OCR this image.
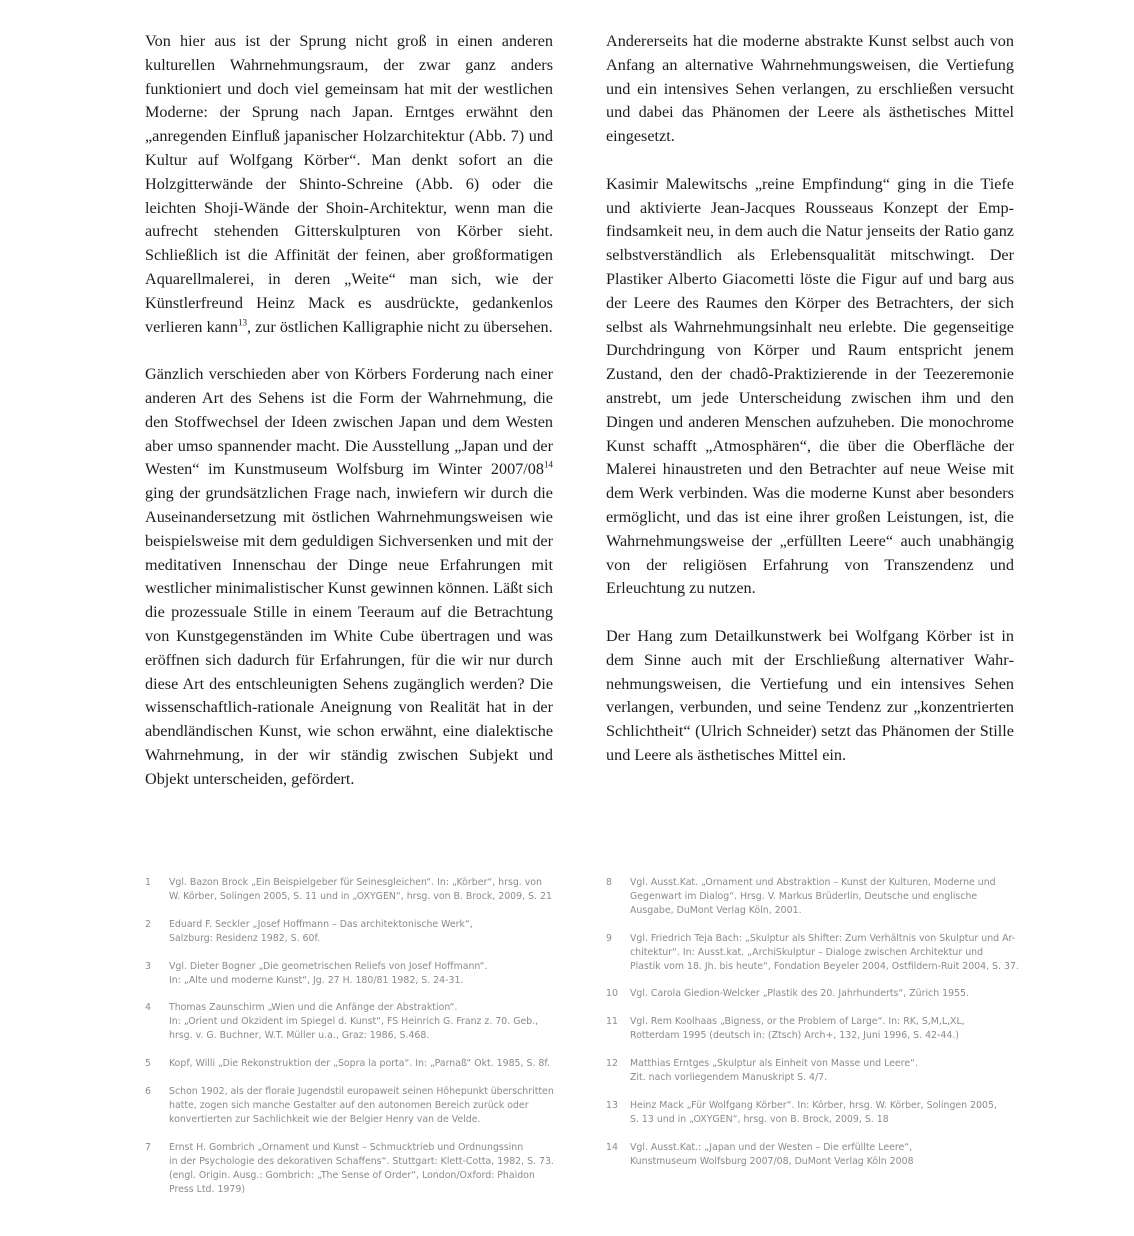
Von hier aus ist der Sprung nicht groß in einen anderen kulturellen Wahrnehmungsraum, der zwar ganz anders funktioniert und doch viel gemeinsam hat mit der westlichen Moderne: der Sprung nach Japan. Erntges erwähnt den „anregenden Einfluß japanischer Holzarchitektur (Abb. 7) und Kultur auf Wolfgang Körber“. Man denkt sofort an die Holzgitterwände der Shinto-Schreine (Abb. 6) oder die leichten Shoji-Wände der Shoin-Architektur, wenn man die aufrecht stehenden Gitterskulpturen von Körber sieht. Schließlich ist die Affinität der feinen, aber großformatigen Aquarellmalerei, in deren „Weite“ man sich, wie der Künstlerfreund Heinz Mack es ausdrückte, gedankenlos verlieren kann$^{13}$, zur östlichen Kalligraphie nicht zu übersehen.

Gänzlich verschieden aber von Körbers Forderung nach einer anderen Art des Sehens ist die Form der Wahrnehmung, die den Stoffwechsel der Ideen zwischen Japan und dem Westen aber umso spannender macht. Die Ausstellung „Japan und der Westen“ im Kunstmuseum Wolfsburg im Winter $2007/08^{14}$ ging der grundsätzlichen Frage nach, inwiefern wir durch die Auseinandersetzung mit östlichen Wahrnehmungsweisen wie beispielsweise mit dem geduldigen Sichversenken und mit der meditativen Innenschau der Dinge neue Erfahrungen mit westlicher minimalistischer Kunst gewinnen können. Läßt sich die prozessuale Stille in einem Teeraum auf die Betrachtung von Kunstgegenständen im White Cube übertragen und was eröffnen sich dadurch für Erfahrungen, für die wir nur durch diese Art des entschleunigten Sehens zugänglich werden? Die wissenschaftlich-rationale Aneignung von Realität hat in der abendländischen Kunst, wie schon erwähnt, eine dialektische Wahrnehmung, in der wir ständig zwischen Subjekt und Objekt unterscheiden, gefördert.

Andererseits hat die moderne abstrakte Kunst selbst auch von Anfang an alternative Wahrnehmungsweisen, die Vertiefung und ein intensives Sehen verlangen, zu erschließen versucht und dabei das Phänomen der Leere als ästhetisches Mittel eingesetzt.

Kasimir Malewitschs „reine Empfindung“ ging in die Tiefe und aktivierte Jean-Jacques Rousseaus Konzept der Empfindsamkeit neu, in dem auch die Natur jenseits der Ratio ganz selbstverständlich als Erlebensqualität mitschwingt. Der Plastiker Alberto Giacometti löste die Figur auf und barg aus der Leere des Raumes den Körper des Betrachters, der sich selbst als Wahrnehmungsinhalt neu erlebte. Die gegenseitige Durchdringung von Körper und Raum entspricht jenem Zustand, den der chadô-Praktizierende in der Teezeremonie anstrebt, um jede Unterscheidung zwischen ihm und den Dingen und anderen Menschen aufzuheben. Die monochrome Kunst schafft „Atmosphären“, die über die Oberfläche der Malerei hinaustreten und den Betrachter auf neue Weise mit dem Werk verbinden. Was die moderne Kunst aber besonders ermöglicht, und das ist eine ihrer großen Leistungen, ist, die Wahrnehmungsweise der „erfüllten Leere“ auch unabhängig von der religiösen Erfahrung von Transzendenz und Erleuchtung zu nutzen.

Der Hang zum Detailkunstwerk bei Wolfgang Körber ist in dem Sinne auch mit der Erschließung alternativer Wahrnehmungsweisen, die Vertiefung und ein intensives Sehen verlangen, verbunden, und seine Tendenz zur „konzentrierten Schlichtheit“ (Ulrich Schneider) setzt das Phänomen der Stille und Leere als ästhetisches Mittel ein.

1	Vgl. Bazon Brock „Ein Beispielgeber für Seinesgleichen“. In: „Körber“, hrsg. von
W. Körber, Solingen 2005, S. 11 und in „OXYGEN“, hrsg. von B. Brock, 2009, S. 21
2	Eduard F. Seckler „Josef Hoffmann – Das architektonische Werk“,
Salzburg: Residenz 1982, S. 60f.
3	Vgl. Dieter Bogner „Die geometrischen Reliefs von Josef Hoffmann“.
In: „Alte und moderne Kunst“, Jg. 27 H. 180/81 1982, S. 24-31.
4	Thomas Zaunschirm „Wien und die Anfänge der Abstraktion“.
In: „Orient und Okzident im Spiegel d. Kunst“, FS Heinrich G. Franz z. 70. Geb.,
hrsg. v. G. Buchner, W.T. Müller u.a., Graz: 1986, S.468.
5	Kopf, Willi „Die Rekonstruktion der „Sopra la porta“. In: „Parnaß“ Okt. 1985, S. 8f.
6	Schon 1902, als der florale Jugendstil europaweit seinen Höhepunkt überschritten
hatte, zogen sich manche Gestalter auf den autonomen Bereich zurück oder
konvertierten zur Sachlichkeit wie der Belgier Henry van de Velde.
7	Ernst H. Gombrich „Ornament und Kunst – Schmucktrieb und Ordnungssinn
in der Psychologie des dekorativen Schaffens“. Stuttgart: Klett-Cotta, 1982, S. 73.
(engl. Origin. Ausg.: Gombrich: „The Sense of Order“, London/Oxford: Phaidon
Press Ltd. 1979)
8	Vgl. Ausst.Kat. „Ornament und Abstraktion – Kunst der Kulturen, Moderne und
Gegenwart im Dialog“. Hrsg. V. Markus Brüderlin, Deutsche und englische
Ausgabe, DuMont Verlag Köln, 2001.
9	Vgl. Friedrich Teja Bach: „Skulptur als Shifter: Zum Verhältnis von Skulptur und Ar-
chitektur“. In: Ausst.kat. „ArchiSkulptur – Dialoge zwischen Architektur und
Plastik vom 18. Jh. bis heute“, Fondation Beyeler 2004, Ostfildern-Ruit 2004, S. 37.
10	Vgl. Carola Giedion-Welcker „Plastik des 20. Jahrhunderts“, Zürich 1955.
11	Vgl. Rem Koolhaas „Bigness, or the Problem of Large“. In: RK, S,M,L,XL,
Rotterdam 1995 (deutsch in: (Ztsch) Arch+, 132, Juni 1996, S. 42-44.)
12	Matthias Erntges „Skulptur als Einheit von Masse und Leere“.
Zit. nach vorliegendem Manuskript S. 4/7.
13	Heinz Mack „Für Wolfgang Körber“. In: Körber, hrsg. W. Körber, Solingen 2005,
S. 13 und in „OXYGEN“, hrsg. von B. Brock, 2009, S. 18
14	Vgl. Ausst.Kat.: „Japan und der Westen – Die erfüllte Leere“,
Kunstmuseum Wolfsburg 2007/08, DuMont Verlag Köln 2008
